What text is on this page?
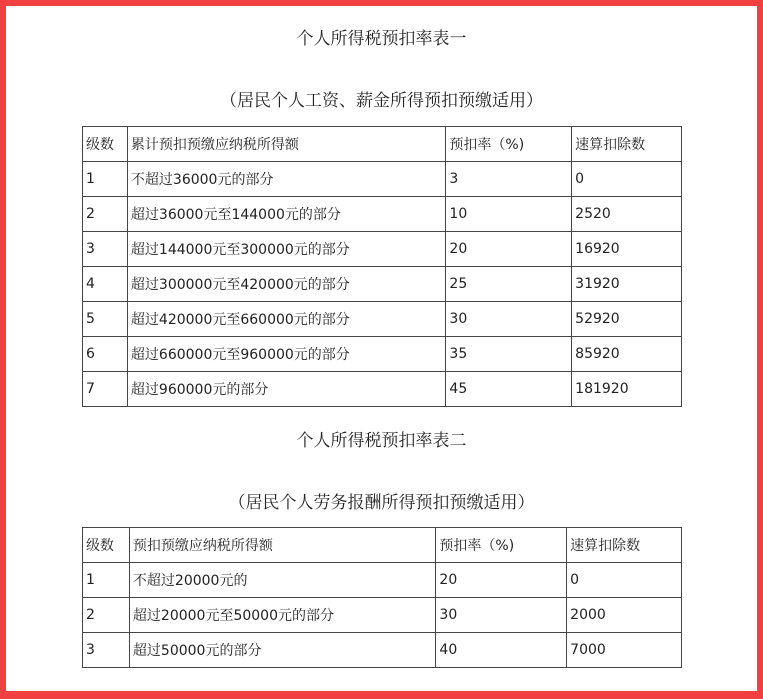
个人所得税预扣率表一
（居民个人工资、薪金所得预扣预缴适用）
级数	累计预扣预缴应纳税所得额	预扣率（%)	速算扣除数
1	不超过36000元的部分	3	0
2	超过36000元至144000元的部分	10	2520
3	超过144000元至300000元的部分	20	16920
4	超过300000元至420000元的部分	25	31920
5	超过420000元至660000元的部分	30	52920
6	超过660000元至960000元的部分	35	85920
7	超过960000元的部分	45	181920
个人所得税预扣率表二
（居民个人劳务报酬所得预扣预缴适用）
级数	预扣预缴应纳税所得额	预扣率（%)	速算扣除数
1	不超过20000元的	20	0
2	超过20000元至50000元的部分	30	2000
3	超过50000元的部分	40	7000
